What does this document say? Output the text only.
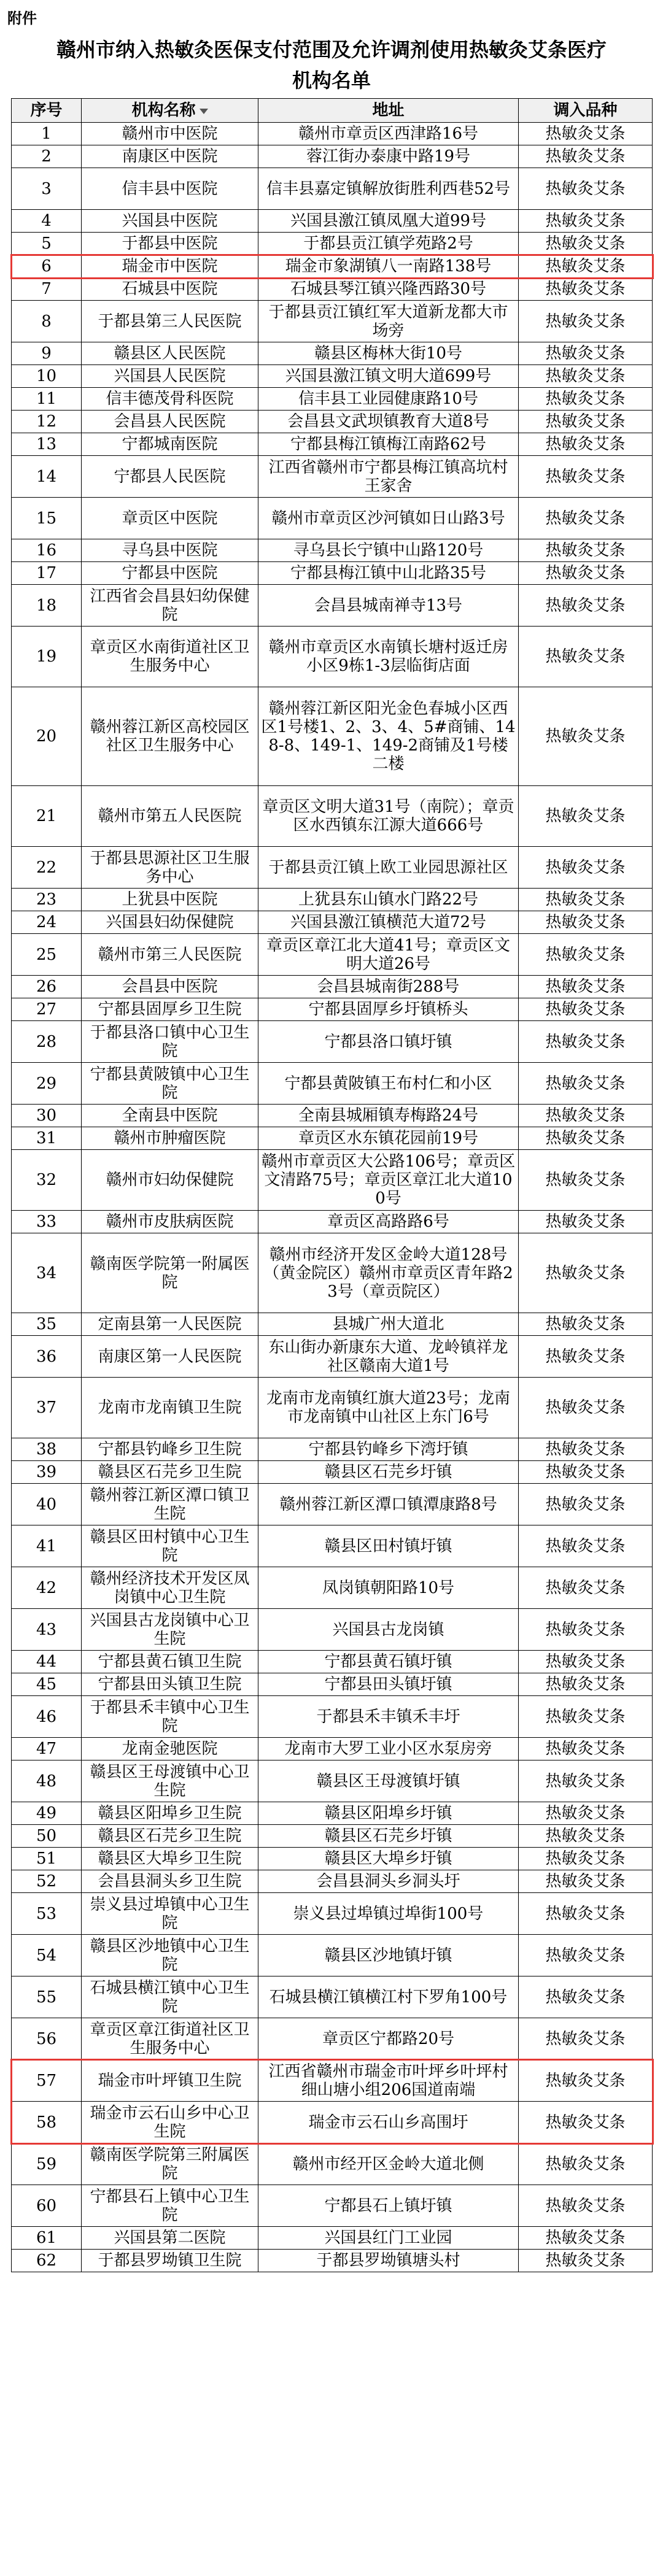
附件
赣州市纳入热敏灸医保支付范围及允许调剂使用热敏灸艾条医疗
机构名单
序号	机构名称	地址	调入品种
1	赣州市中医院	赣州市章贡区西津路16号	热敏灸艾条
2	南康区中医院	蓉江街办泰康中路19号	热敏灸艾条
3	信丰县中医院	信丰县嘉定镇解放街胜利西巷52号	热敏灸艾条
4	兴国县中医院	兴国县激江镇凤凰大道99号	热敏灸艾条
5	于都县中医院	于都县贡江镇学苑路2号	热敏灸艾条
6	瑞金市中医院	瑞金市象湖镇八一南路138号	热敏灸艾条
7	石城县中医院	石城县琴江镇兴隆西路30号	热敏灸艾条
8	于都县第三人民医院	于都县贡江镇红军大道新龙都大市场旁	热敏灸艾条
9	赣县区人民医院	赣县区梅林大街10号	热敏灸艾条
10	兴国县人民医院	兴国县激江镇文明大道699号	热敏灸艾条
11	信丰德茂骨科医院	信丰县工业园健康路10号	热敏灸艾条
12	会昌县人民医院	会昌县文武坝镇教育大道8号	热敏灸艾条
13	宁都城南医院	宁都县梅江镇梅江南路62号	热敏灸艾条
14	宁都县人民医院	江西省赣州市宁都县梅江镇高坑村王家舍	热敏灸艾条
15	章贡区中医院	赣州市章贡区沙河镇如日山路3号	热敏灸艾条
16	寻乌县中医院	寻乌县长宁镇中山路120号	热敏灸艾条
17	宁都县中医院	宁都县梅江镇中山北路35号	热敏灸艾条
18	江西省会昌县妇幼保健院	会昌县城南禅寺13号	热敏灸艾条
19	章贡区水南街道社区卫生服务中心	赣州市章贡区水南镇长塘村返迁房小区9栋1-3层临街店面	热敏灸艾条
20	赣州蓉江新区高校园区社区卫生服务中心	赣州蓉江新区阳光金色春城小区西区1号楼1、2、3、4、5#商铺、148-8、149-1、149-2商铺及1号楼二楼	热敏灸艾条
21	赣州市第五人民医院	章贡区文明大道31号（南院）；章贡区水西镇东江源大道666号	热敏灸艾条
22	于都县思源社区卫生服务中心	于都县贡江镇上欧工业园思源社区	热敏灸艾条
23	上犹县中医院	上犹县东山镇水门路22号	热敏灸艾条
24	兴国县妇幼保健院	兴国县激江镇横范大道72号	热敏灸艾条
25	赣州市第三人民医院	章贡区章江北大道41号；章贡区文明大道26号	热敏灸艾条
26	会昌县中医院	会昌县城南街288号	热敏灸艾条
27	宁都县固厚乡卫生院	宁都县固厚乡圩镇桥头	热敏灸艾条
28	于都县洛口镇中心卫生院	宁都县洛口镇圩镇	热敏灸艾条
29	宁都县黄陂镇中心卫生院	宁都县黄陂镇王布村仁和小区	热敏灸艾条
30	全南县中医院	全南县城厢镇寿梅路24号	热敏灸艾条
31	赣州市肿瘤医院	章贡区水东镇花园前19号	热敏灸艾条
32	赣州市妇幼保健院	赣州市章贡区大公路106号；章贡区文清路75号；章贡区章江北大道100号	热敏灸艾条
33	赣州市皮肤病医院	章贡区高路路6号	热敏灸艾条
34	赣南医学院第一附属医院	赣州市经济开发区金岭大道128号（黄金院区）赣州市章贡区青年路23号（章贡院区）	热敏灸艾条
35	定南县第一人民医院	县城广州大道北	热敏灸艾条
36	南康区第一人民医院	东山街办新康东大道、龙岭镇祥龙社区赣南大道1号	热敏灸艾条
37	龙南市龙南镇卫生院	龙南市龙南镇红旗大道23号；龙南市龙南镇中山社区上东门6号	热敏灸艾条
38	宁都县钓峰乡卫生院	宁都县钓峰乡下湾圩镇	热敏灸艾条
39	赣县区石芫乡卫生院	赣县区石芫乡圩镇	热敏灸艾条
40	赣州蓉江新区潭口镇卫生院	赣州蓉江新区潭口镇潭康路8号	热敏灸艾条
41	赣县区田村镇中心卫生院	赣县区田村镇圩镇	热敏灸艾条
42	赣州经济技术开发区凤岗镇中心卫生院	凤岗镇朝阳路10号	热敏灸艾条
43	兴国县古龙岗镇中心卫生院	兴国县古龙岗镇	热敏灸艾条
44	宁都县黄石镇卫生院	宁都县黄石镇圩镇	热敏灸艾条
45	宁都县田头镇卫生院	宁都县田头镇圩镇	热敏灸艾条
46	于都县禾丰镇中心卫生院	于都县禾丰镇禾丰圩	热敏灸艾条
47	龙南金驰医院	龙南市大罗工业小区水泵房旁	热敏灸艾条
48	赣县区王母渡镇中心卫生院	赣县区王母渡镇圩镇	热敏灸艾条
49	赣县区阳埠乡卫生院	赣县区阳埠乡圩镇	热敏灸艾条
50	赣县区石芫乡卫生院	赣县区石芫乡圩镇	热敏灸艾条
51	赣县区大埠乡卫生院	赣县区大埠乡圩镇	热敏灸艾条
52	会昌县洞头乡卫生院	会昌县洞头乡洞头圩	热敏灸艾条
53	崇义县过埠镇中心卫生院	崇义县过埠镇过埠街100号	热敏灸艾条
54	赣县区沙地镇中心卫生院	赣县区沙地镇圩镇	热敏灸艾条
55	石城县横江镇中心卫生院	石城县横江镇横江村下罗角100号	热敏灸艾条
56	章贡区章江街道社区卫生服务中心	章贡区宁都路20号	热敏灸艾条
57	瑞金市叶坪镇卫生院	江西省赣州市瑞金市叶坪乡叶坪村细山塘小组206国道南端	热敏灸艾条
58	瑞金市云石山乡中心卫生院	瑞金市云石山乡高围圩	热敏灸艾条
59	赣南医学院第三附属医院	赣州市经开区金岭大道北侧	热敏灸艾条
60	宁都县石上镇中心卫生院	宁都县石上镇圩镇	热敏灸艾条
61	兴国县第二医院	兴国县红门工业园	热敏灸艾条
62	于都县罗坳镇卫生院	于都县罗坳镇塘头村	热敏灸艾条
